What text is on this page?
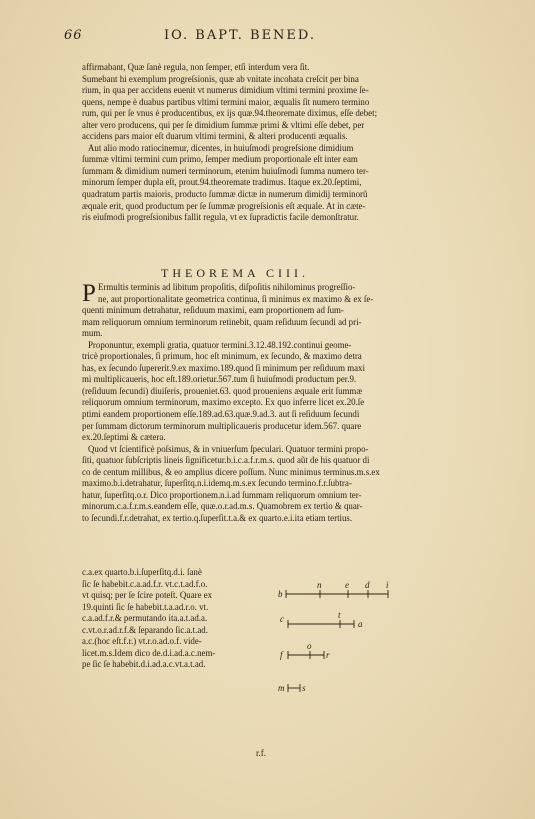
66	IO. BAPT. BENED.
affirmabant, Quæ ſanè regula, non ſemper, etſi interdum vera ſit.
Sumebant hi exemplum progreſsionis, quæ ab vnitate incohata creſcit per bina
rium, in qua per accidens euenit vt numerus dimidium vltimi termini proxime ſe-
quens, nempe è duabus partibus vltimi termini maior, æqualis ſit numero termino
rum, qui per ſe vnus è producentibus, ex ijs quæ.94.theoremate diximus, eſſe debet;
alter vero producens, qui per ſe dimidium ſummæ primi & vltimi eſſe debet, per
accidens pars maior eſt duarum vltimi termini, & alteri producenti æqualis.
Aut alio modo ratiocinemur, dicentes, in huiuſmodi progreſsione dimidium
ſummæ vltimi termini cum primo, ſemper medium proportionale eſt inter eam
ſummam & dimidium numeri terminorum, etenim huiuſmodi ſumma numero ter-
minorum ſemper dupla eſt, prout.94.theoremate tradimus. Itaque ex.20.ſeptimi,
quadratum partis maioris, producto ſummæ dictæ in numerum dimidij terminorũ
æquale erit, quod productum per ſe ſummæ progreſsionis eſt æquale. At in cæte-
ris eiuſmodi progreſsionibus fallit regula, vt ex ſupradictis facile demonſtratur.
THEOREMA CIII.
P Ermultis terminis ad libitum propoſitis, diſpoſitis nihilominus progreſſio-
ne, aut proportionalitate geometrica continua, ſi minimus ex maximo & ex ſe-
quenti minimum detrahatur, reſiduum maximi, eam proportionem ad ſum-
mam reliquorum omnium terminorum retinebit, quam reſiduum ſecundi ad pri-
mum.
Proponuntur, exempli gratia, quatuor termini.3.12.48.192.continui geome-
tricè proportionales, ſi primum, hoc eſt minimum, ex ſecundo, & maximo detra
has, ex ſecundo ſupererit.9.ex maximo.189.quod ſi minimum per reſiduum maxi
mi multiplicaueris, hoc eſt.189.orietur.567.tum ſi huiuſmodi productum per.9.
(reſiduum ſecundi) diuiſeris, proueniet.63. quod proueniens æquale erit ſummæ
reliquorum omnium terminorum, maximo excepto. Ex quo inferre licet ex.20.ſe
ptimi eandem proportionem eſſe.189.ad.63.quæ.9.ad.3. aut ſi reſiduum ſecundi
per ſummam dictorum terminorum multiplicaueris producetur idem.567. quare
ex.20.ſeptimi & cætera.
Quod vt ſcientificè poſsimus, & in vniuerſum ſpeculari. Quatuor termini propo-
ſiti, quatuor ſubſcriptis lineis ſignificetur.b.i.c.a.f.r.m.s. quod aũt de his quatuor di
co de centum millibus, & eo amplius dicere poſſum. Nunc minimus terminus.m.s.ex
maximo.b.i.detrahatur, ſuperſitq.n.i.idemq.m.s.ex ſecundo termino.f.r.ſubtra-
hatur, ſuperſitq.o.r. Dico proportionem.n.i.ad ſummam reliquorum omnium ter-
minorum.c.a.f.r.m.s.eandem eſſe, quæ.o.r.ad.m.s. Quamobrem ex tertio & quar-
to ſecundi.f.r.detrahat, ex tertio.q.ſuperſit.t.a.& ex quarto.e.i.ita etiam tertius.
c.a.ex quarto.b.i.ſuperſitq.d.i. ſanè
ſic ſe habebit.c.a.ad.f.r. vt.c.t.ad.f.o.
vt quisq; per ſe ſcire poteſt. Quare ex
19.quinti ſic ſe habebit.t.a.ad.r.o. vt.
c.a.ad.f.r.& permutando ita.a.t.ad.a.
c.vt.o.r.ad.r.f.& ſeparando ſic.a.t.ad.
a.c.(hoc eſt.f.r.) vt.r.o.ad.o.f. vide-
licet.m.s.Idem dico de.d.i.ad.a.c.nem-
pe ſic ſe habebit.d.i.ad.a.c.vt.a.t.ad.
b
n	e d i
c	t
a
f
o
r
m s
r.f.
